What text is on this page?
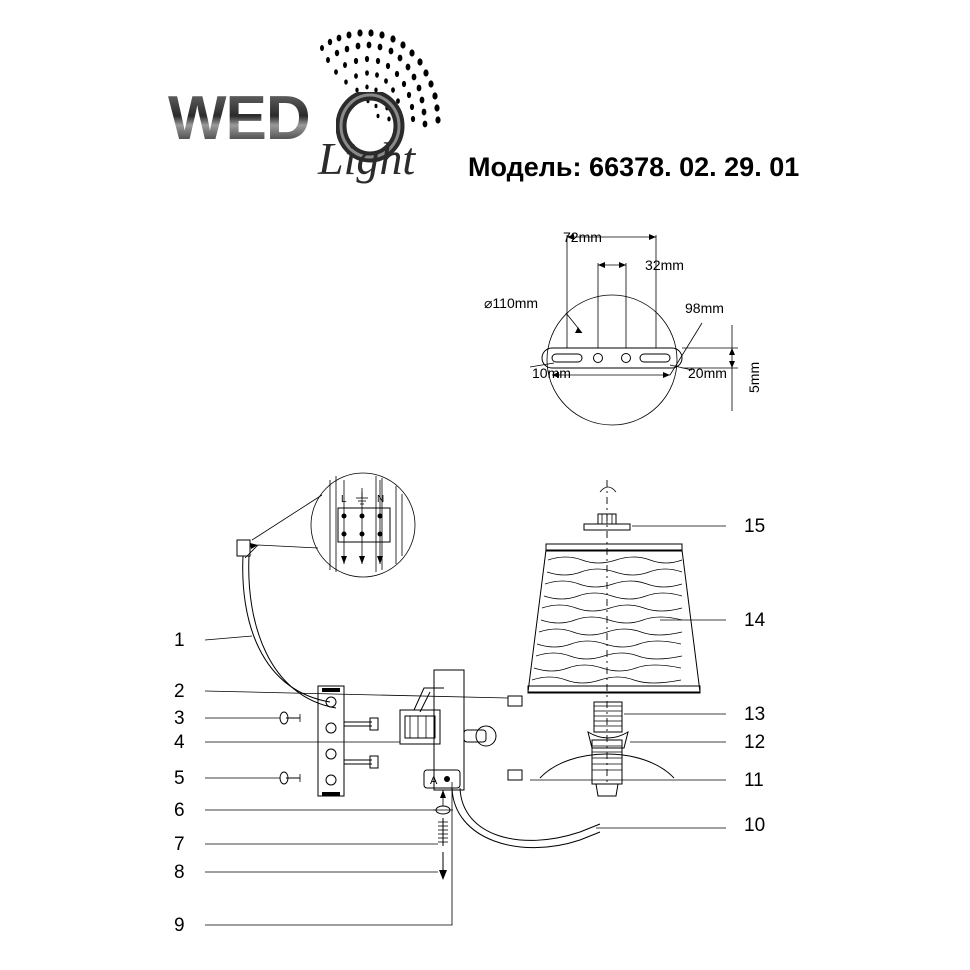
WED
Light Модель: 66378. 02. 29. 01
72mm
32mm
⌀110mm	98mm
10mm	20mm 5mm
L	N
A
1
2
3
4
5
6
7
8
9
15
14
13
12
11
10
